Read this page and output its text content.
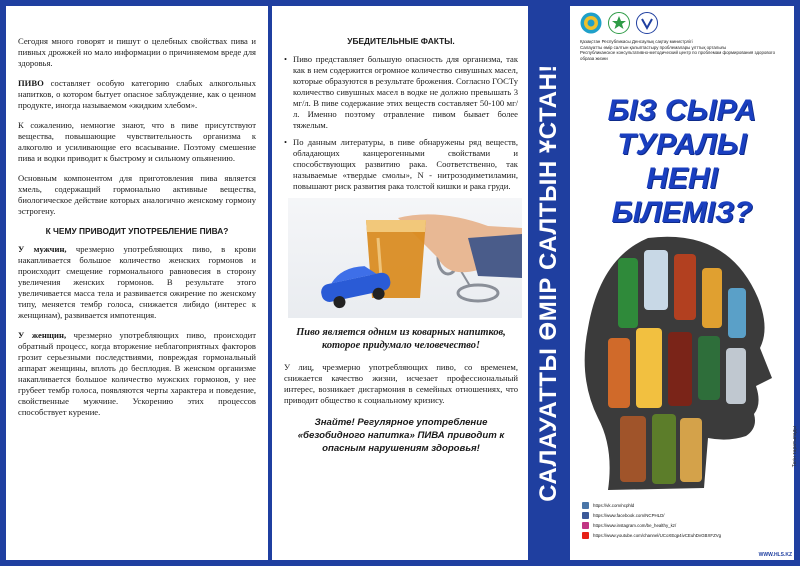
Сегодня много говорят и пишут о целебных свойствах пива и пивных дрожжей но мало информации о причиняемом вреде для здоровья.

ПИВО составляет особую категорию слабых алкогольных напитков, о котором бытует опасное заблуждение, как о ценном продукте, иногда называемом «жидким хлебом».

К сожалению, немногие знают, что в пиве присутствуют вещества, повышающие чувствительность организма к алкоголю и усиливающие его всасывание. Поэтому смешение пива и водки приводит к быстрому и сильному опьянению.

Основным компонентом для приготовления пива является хмель, содержащий гормонально активные вещества, биологическое действие которых аналогично женскому гормону эстрогену.

К ЧЕМУ ПРИВОДИТ УПОТРЕБЛЕНИЕ ПИВА?

У мужчин, чрезмерно употребляющих пиво, в крови накапливается большое количество женских гормонов и происходит смещение гормонального равновесия в сторону увеличения женских гормонов. В результате этого увеличивается масса тела и развивается ожирение по женскому типу, меняется тембр голоса, снижается либидо (интерес к женщинам), развивается импотенция.

У женщин, чрезмерно употребляющих пиво, происходит обратный процесс, когда вторжение неблагоприятных факторов грозит серьезными последствиями, повреждая гормональный аппарат женщины, вплоть до бесплодия. В женском организме накапливается большое количество мужских гормонов, у нее грубеет тембр голоса, появляются черты характера и поведение, свойственные мужчине. Ускорению этих процессов способствует курение.

УБЕДИТЕЛЬНЫЕ ФАКТЫ.
• Пиво представляет большую опасность для организма, так как в нем содержится огромное количество сивушных масел, которые образуются в результате брожения. Согласно ГОСТу количество сивушных масел в водке не должно превышать 3 мг/л. В пиве содержание этих веществ составляет 50-100 мг/л. Именно поэтому отравление пивом бывает более тяжелым.
• По данным литературы, в пиве обнаружены ряд веществ, обладающих канцерогенными свойствами и способствующих развитию рака. Соответственно, так называемые «твердые смолы», N - нитрозодиметиламин, повышают риск развития рака толстой кишки и рака груди.
Пиво является одним из коварных напитков, которое придумало человечество!

У лиц, чрезмерно употребляющих пиво, со временем, снижается качество жизни, исчезает профессиональный интерес, возникает дисгармония в семейных отношениях, что приводит общество к социальному кризису.

Знайте! Регулярное употребление «безобидного напитка» ПИВА приводит к опасным нарушениям здоровья!	САЛАУАТТЫ ӨМІР САЛТЫН ҰСТАН!
Қазақстан Республикасы Денсаулық сақтау министрлігі
Салауатты өмір салтын қалыптастыру проблемалары ұлттық орталығы
Республиканское консультативно-методический центр по проблемам формирования здорового образа жизни
БІЗ СЫРА
ТУРАЛЫ
НЕНІ
БІЛЕМІЗ?
Тегін таратылады
https://vk.com/ncphld
https://www.facebook.com/NCPHLD/
https://www.instagram.com/be_healthy_kz/
https://www.youtube.com/channel/UCoXEqp4ivCEuhDvGBXFZVg
WWW.HLS.KZ
